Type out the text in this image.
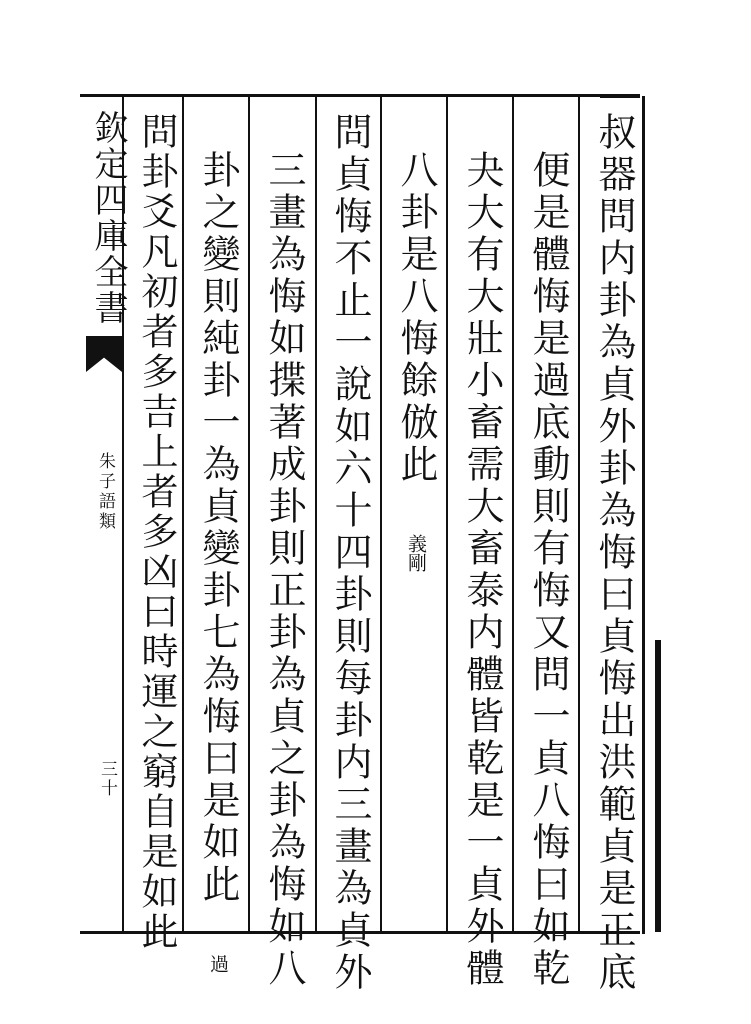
欽定四庫全書
朱子語類
三十	叔器問内卦為貞外卦為悔曰貞悔出洪範貞是正底
便是體悔是過底動則有悔又問一貞八悔曰如乾
夬大有大壯小畜需大畜泰内體皆乾是一貞外體
八卦是八悔餘倣此 義剛
問貞悔不止一說如六十四卦則每卦内三畫為貞外
三畫為悔如揲著成卦則正卦為貞之卦為悔如八
卦之變則純卦一為貞變卦七為悔曰是如此 過
問卦爻凡初者多吉上者多凶曰時運之窮自是如此
